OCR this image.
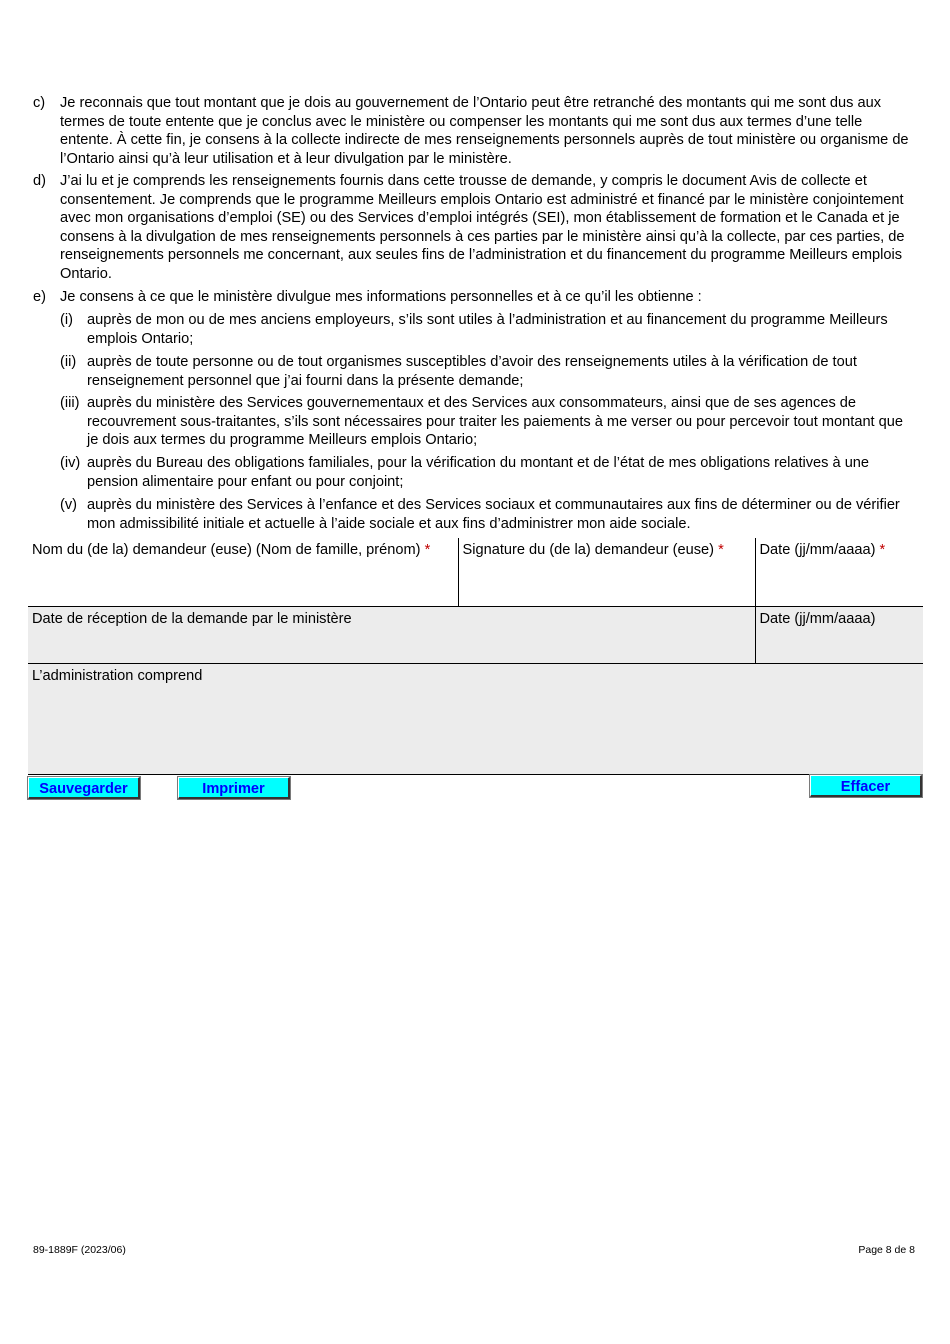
c) Je reconnais que tout montant que je dois au gouvernement de l’Ontario peut être retranché des montants qui me sont dus aux termes de toute entente que je conclus avec le ministère ou compenser les montants qui me sont dus aux termes d’une telle entente. À cette fin, je consens à la collecte indirecte de mes renseignements personnels auprès de tout ministère ou organisme de l’Ontario ainsi qu’à leur utilisation et à leur divulgation par le ministère.
d) J’ai lu et je comprends les renseignements fournis dans cette trousse de demande, y compris le document Avis de collecte et consentement. Je comprends que le programme Meilleurs emplois Ontario est administré et financé par le ministère conjointement avec mon organisations d’emploi (SE) ou des Services d’emploi intégrés (SEI), mon établissement de formation et le Canada et je consens à la divulgation de mes renseignements personnels à ces parties par le ministère ainsi qu’à la collecte, par ces parties, de renseignements personnels me concernant, aux seules fins de l’administration et du financement du programme Meilleurs emplois Ontario.
e) Je consens à ce que le ministère divulgue mes informations personnelles et à ce qu’il les obtienne :
(i) auprès de mon ou de mes anciens employeurs, s’ils sont utiles à l’administration et au financement du programme Meilleurs emplois Ontario;
(ii) auprès de toute personne ou de tout organismes susceptibles d’avoir des renseignements utiles à la vérification de tout renseignement personnel que j’ai fourni dans la présente demande;
(iii) auprès du ministère des Services gouvernementaux et des Services aux consommateurs, ainsi que de ses agences de recouvrement sous-traitantes, s’ils sont nécessaires pour traiter les paiements à me verser ou pour percevoir tout montant que je dois aux termes du programme Meilleurs emplois Ontario;
(iv) auprès du Bureau des obligations familiales, pour la vérification du montant et de l’état de mes obligations relatives à une pension alimentaire pour enfant ou pour conjoint;
(v) auprès du ministère des Services à l’enfance et des Services sociaux et communautaires aux fins de déterminer ou de vérifier mon admissibilité initiale et actuelle à l’aide sociale et aux fins d’administrer mon aide sociale.
Nom du (de la) demandeur (euse) (Nom de famille, prénom) *	Signature du (de la) demandeur (euse) *	Date (jj/mm/aaaa) *
Date de réception de la demande par le ministère		Date (jj/mm/aaaa)
L’administration comprend		
Sauvegarder	Imprimer	Effacer
89-1889F (2023/06)	Page 8 de 8
